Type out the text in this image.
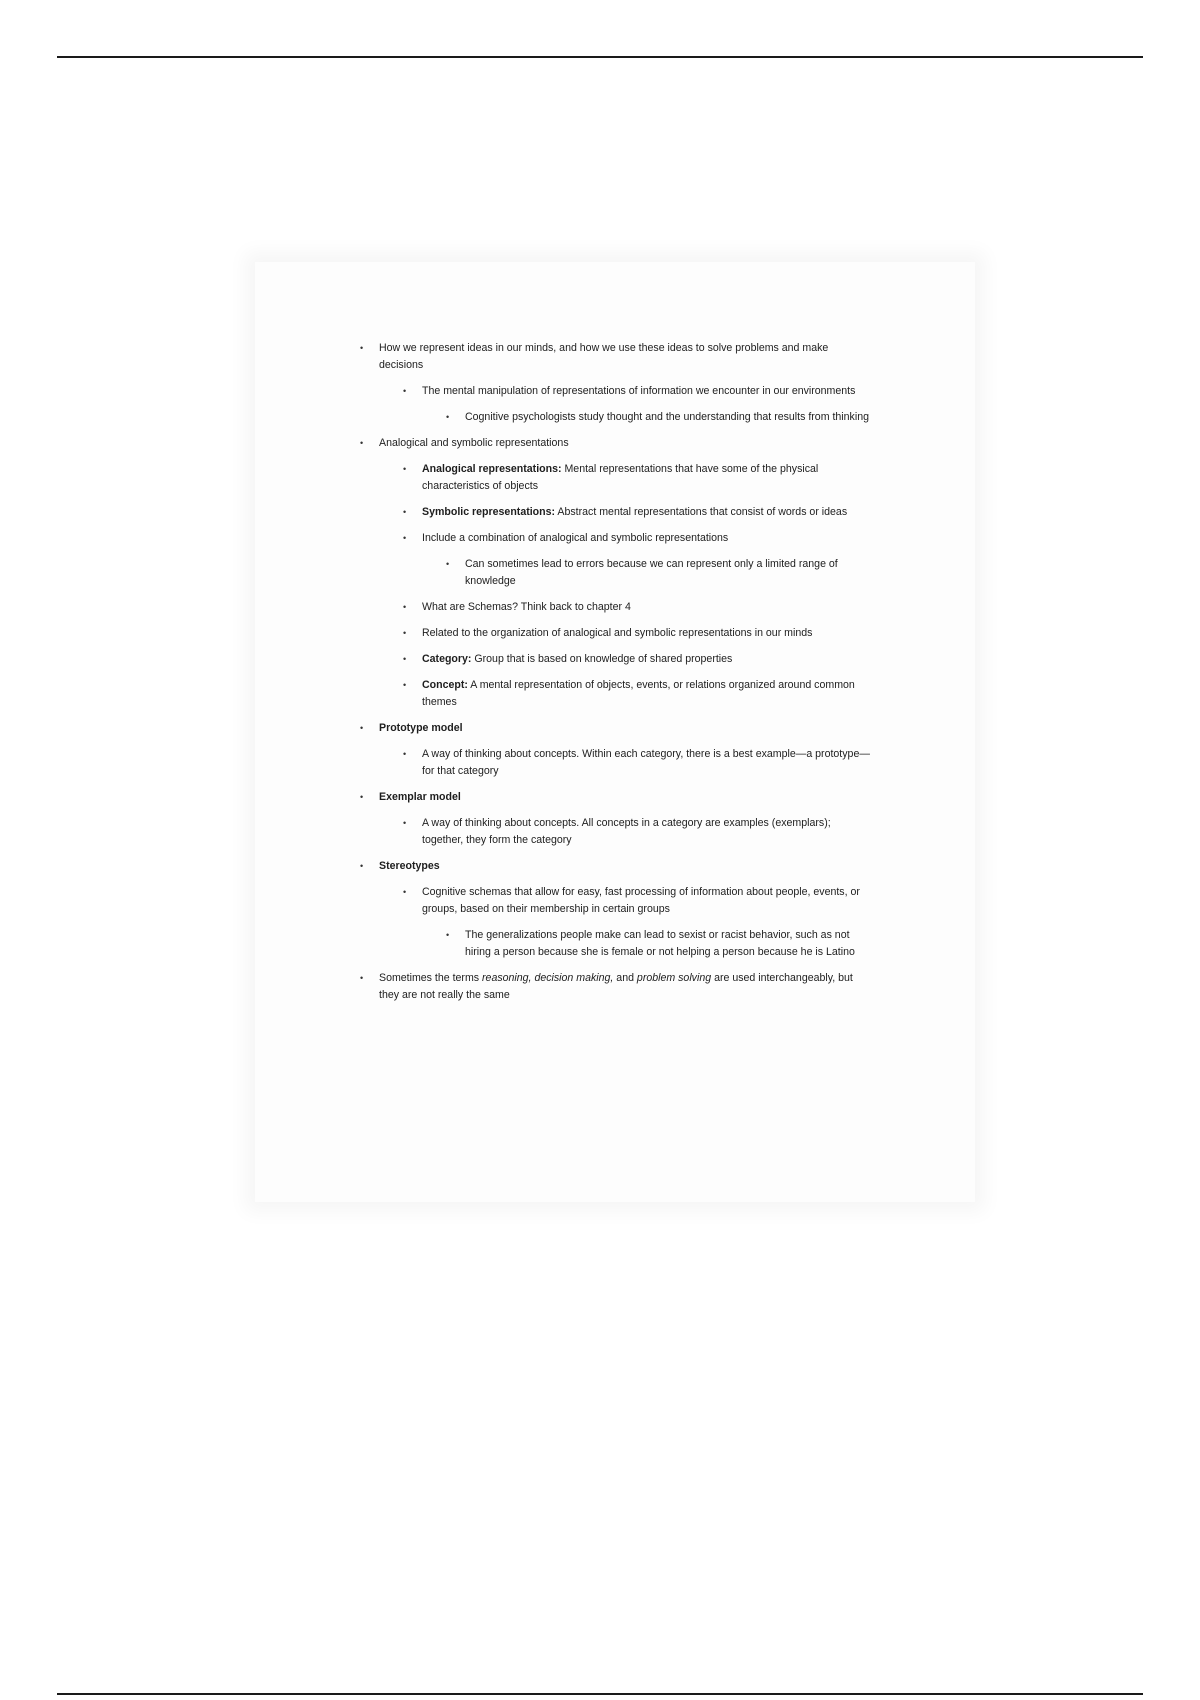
• How we represent ideas in our minds, and how we use these ideas to solve problems and make decisions
• The mental manipulation of representations of information we encounter in our environments
• Cognitive psychologists study thought and the understanding that results from thinking
• Analogical and symbolic representations
• Analogical representations: Mental representations that have some of the physical characteristics of objects
• Symbolic representations: Abstract mental representations that consist of words or ideas
• Include a combination of analogical and symbolic representations
• Can sometimes lead to errors because we can represent only a limited range of knowledge
• What are Schemas? Think back to chapter 4
• Related to the organization of analogical and symbolic representations in our minds
• Category: Group that is based on knowledge of shared properties
• Concept: A mental representation of objects, events, or relations organized around common themes
• Prototype model
• A way of thinking about concepts. Within each category, there is a best example—a prototype—for that category
• Exemplar model
• A way of thinking about concepts. All concepts in a category are examples (exemplars); together, they form the category
• Stereotypes
• Cognitive schemas that allow for easy, fast processing of information about people, events, or groups, based on their membership in certain groups
• The generalizations people make can lead to sexist or racist behavior, such as not hiring a person because she is female or not helping a person because he is Latino
• Sometimes the terms reasoning, decision making, and problem solving are used interchangeably, but they are not really the same
